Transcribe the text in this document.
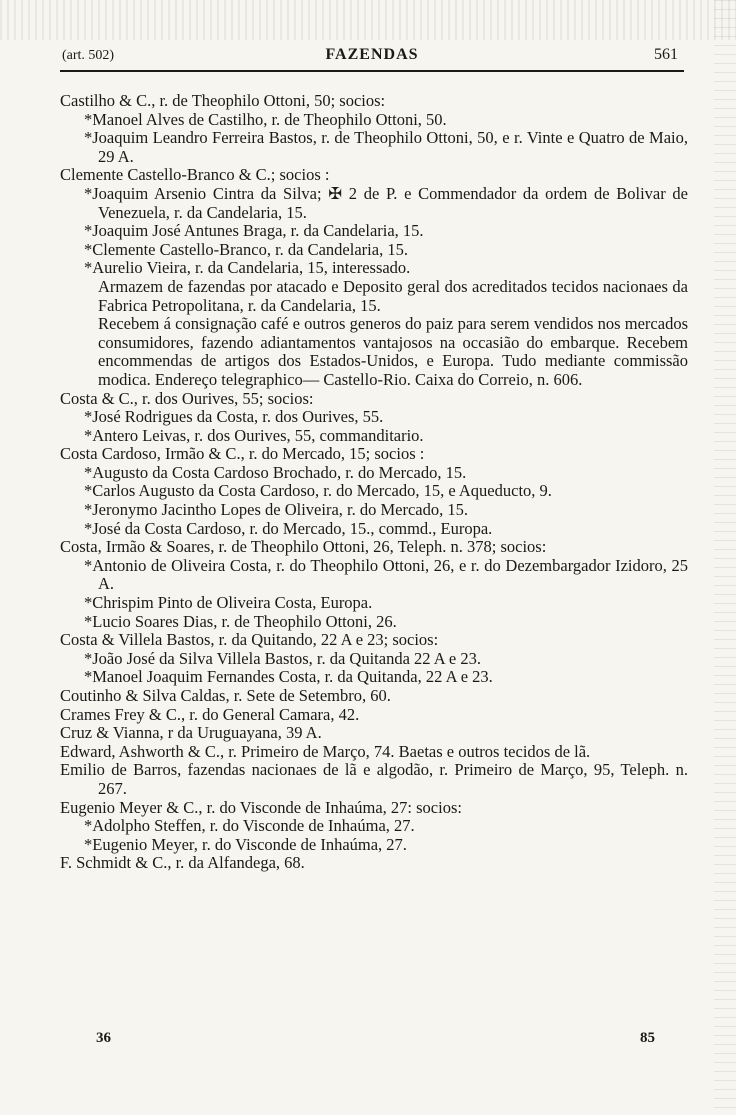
(art. 502)	FAZENDAS	561
Castilho & C., r. de Theophilo Ottoni, 50; socios:
*Manoel Alves de Castilho, r. de Theophilo Ottoni, 50.
*Joaquim Leandro Ferreira Bastos, r. de Theophilo Ottoni, 50, e r. Vinte e Quatro de Maio, 29 A.
Clemente Castello-Branco & C.; socios :
*Joaquim Arsenio Cintra da Silva; ✠ 2 de P. e Commendador da ordem de Bolivar de Venezuela, r. da Candelaria, 15.
*Joaquim José Antunes Braga, r. da Candelaria, 15.
*Clemente Castello-Branco, r. da Candelaria, 15.
*Aurelio Vieira, r. da Candelaria, 15, interessado.
Armazem de fazendas por atacado e Deposito geral dos acreditados tecidos nacionaes da Fabrica Petropolitana, r. da Candelaria, 15.
Recebem á consignação café e outros generos do paiz para serem vendidos nos mercados consumidores, fazendo adiantamentos vantajosos na occasião do embarque. Recebem encommendas de artigos dos Estados-Unidos, e Europa. Tudo mediante commissão modica. Endereço telegraphico— Castello-Rio. Caixa do Correio, n. 606.
Costa & C., r. dos Ourives, 55; socios:
*José Rodrigues da Costa, r. dos Ourives, 55.
*Antero Leivas, r. dos Ourives, 55, commanditario.
Costa Cardoso, Irmão & C., r. do Mercado, 15; socios :
*Augusto da Costa Cardoso Brochado, r. do Mercado, 15.
*Carlos Augusto da Costa Cardoso, r. do Mercado, 15, e Aqueducto, 9.
*Jeronymo Jacintho Lopes de Oliveira, r. do Mercado, 15.
*José da Costa Cardoso, r. do Mercado, 15., commd., Europa.
Costa, Irmão & Soares, r. de Theophilo Ottoni, 26, Teleph. n. 378; socios:
*Antonio de Oliveira Costa, r. do Theophilo Ottoni, 26, e r. do Dezembargador Izidoro, 25 A.
*Chrispim Pinto de Oliveira Costa, Europa.
*Lucio Soares Dias, r. de Theophilo Ottoni, 26.
Costa & Villela Bastos, r. da Quitando, 22 A e 23; socios:
*João José da Silva Villela Bastos, r. da Quitanda 22 A e 23.
*Manoel Joaquim Fernandes Costa, r. da Quitanda, 22 A e 23.
Coutinho & Silva Caldas, r. Sete de Setembro, 60.
Crames Frey & C., r. do General Camara, 42.
Cruz & Vianna, r da Uruguayana, 39 A.
Edward, Ashworth & C., r. Primeiro de Março, 74. Baetas e outros tecidos de lã.
Emilio de Barros, fazendas nacionaes de lã e algodão, r. Primeiro de Março, 95, Teleph. n. 267.
Eugenio Meyer & C., r. do Visconde de Inhaúma, 27: socios:
*Adolpho Steffen, r. do Visconde de Inhaúma, 27.
*Eugenio Meyer, r. do Visconde de Inhaúma, 27.
F. Schmidt & C., r. da Alfandega, 68.
36	85
